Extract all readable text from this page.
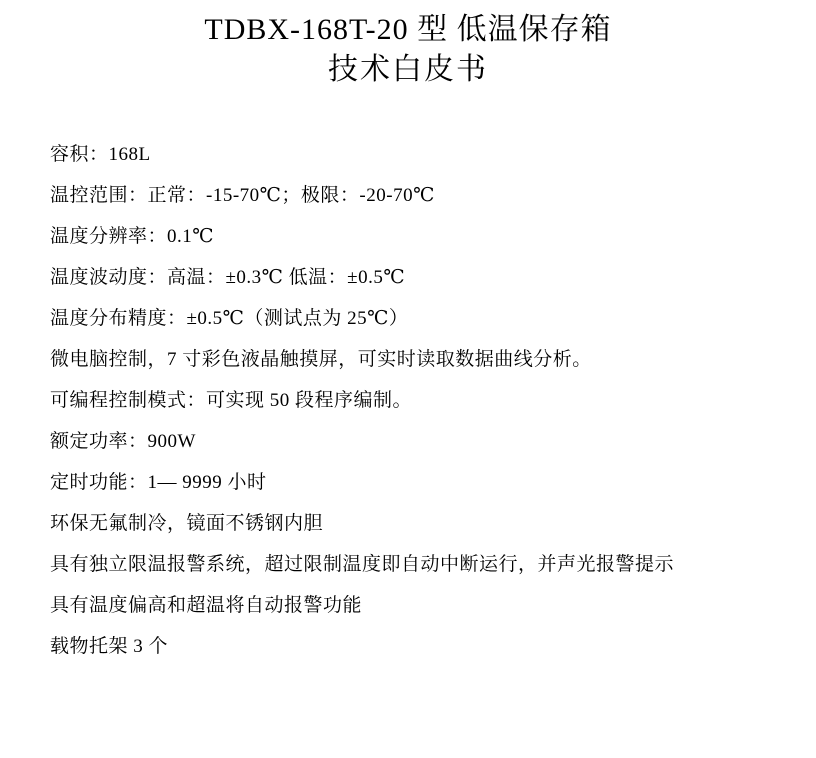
TDBX-168T-20 型 低温保存箱
技术白皮书
容积：168L
温控范围：正常：-15-70℃；极限：-20-70℃
温度分辨率：0.1℃
温度波动度：高温：±0.3℃ 低温：±0.5℃
温度分布精度：±0.5℃（测试点为 25℃）
微电脑控制，7 寸彩色液晶触摸屏，可实时读取数据曲线分析。
可编程控制模式：可实现 50 段程序编制。
额定功率：900W
定时功能：1— 9999 小时
环保无氟制冷，镜面不锈钢内胆
具有独立限温报警系统，超过限制温度即自动中断运行，并声光报警提示
具有温度偏高和超温将自动报警功能
载物托架 3 个
